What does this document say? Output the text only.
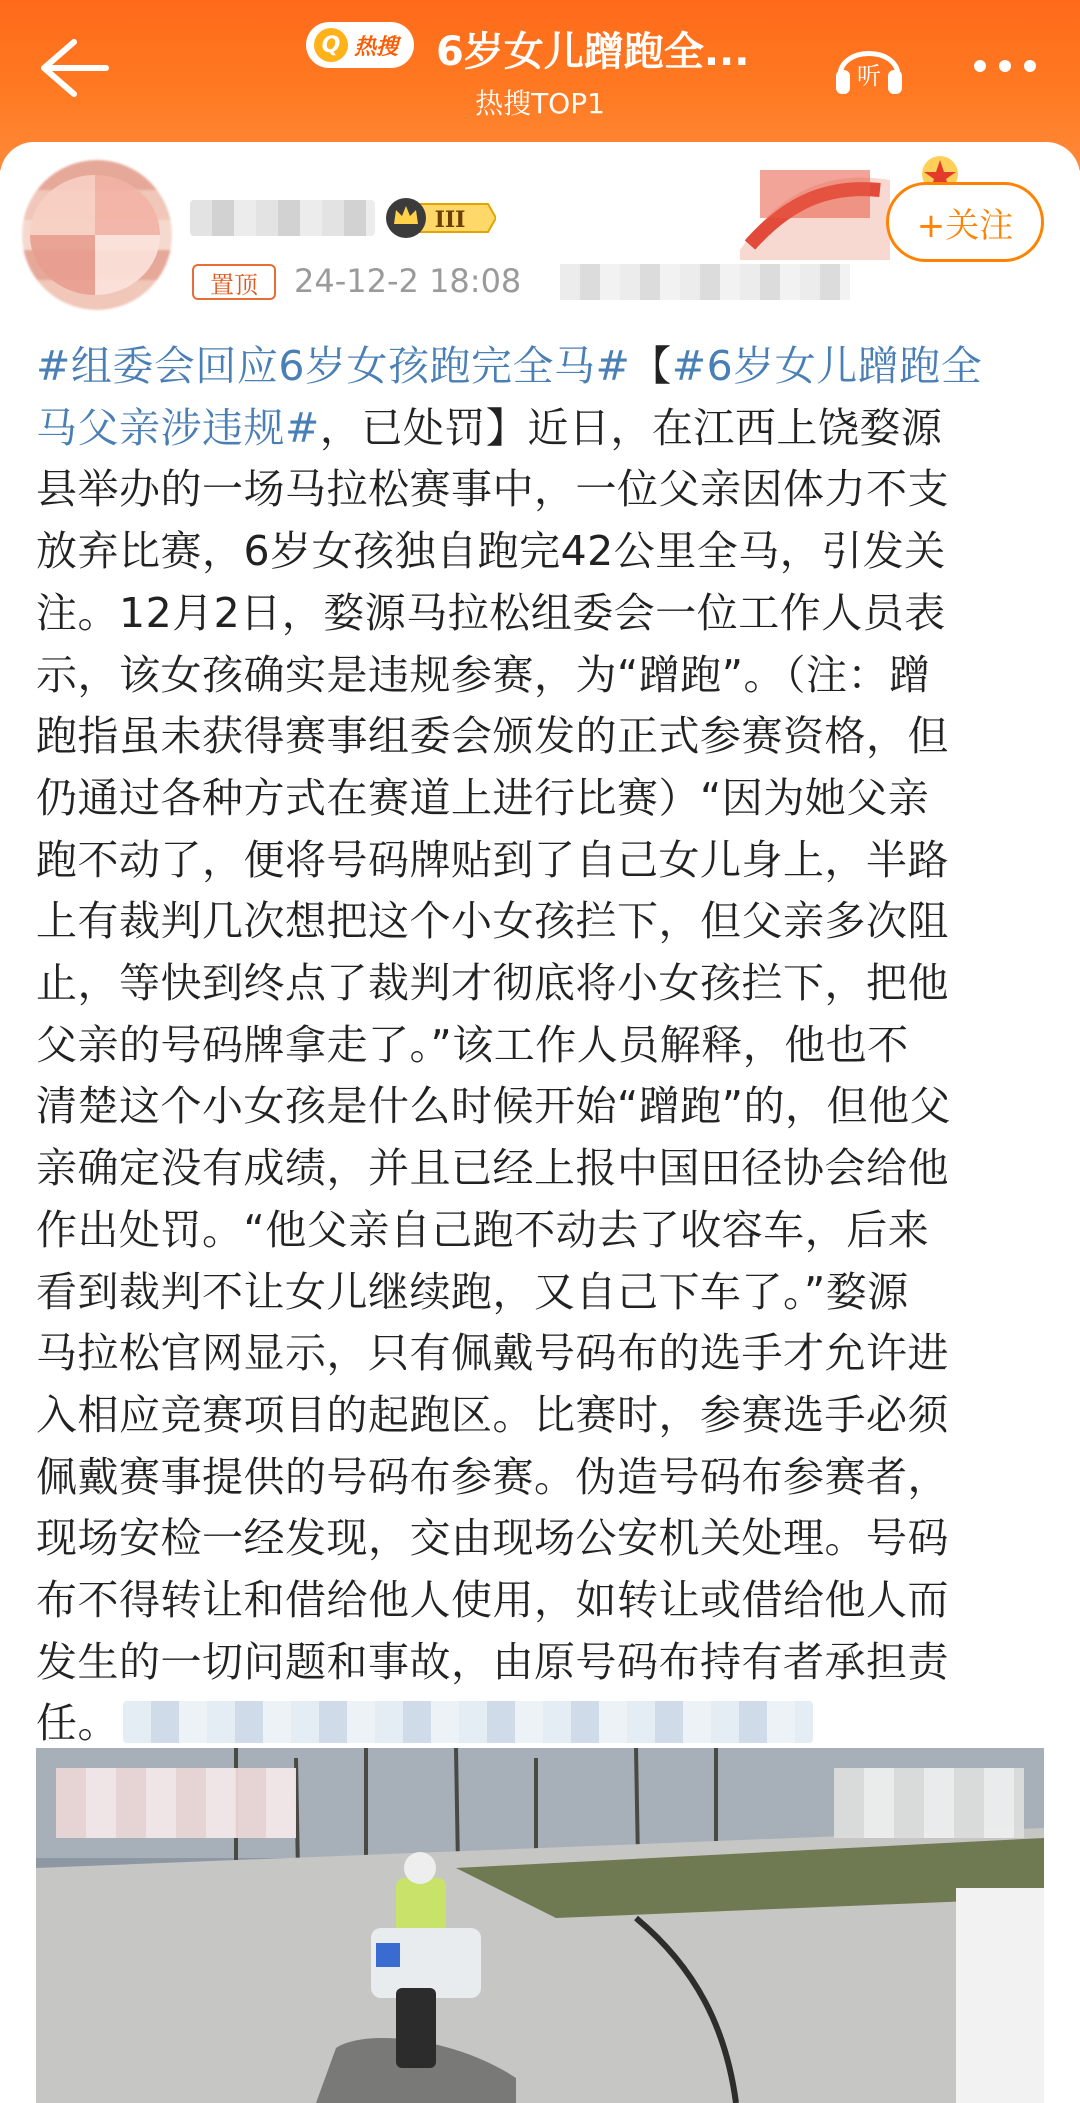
Q 热搜 6岁女儿蹭跑全...
热搜TOP1
听
III	+关注
置顶	24-12-2 18:08
#组委会回应6岁女孩跑完全马#【#6岁女儿蹭跑全
马父亲涉违规#，已处罚】近日，在江西上饶婺源
县举办的一场马拉松赛事中，一位父亲因体力不支
放弃比赛，6岁女孩独自跑完42公里全马，引发关
注。12月2日，婺源马拉松组委会一位工作人员表
示，该女孩确实是违规参赛，为“蹭跑”。（注：蹭
跑指虽未获得赛事组委会颁发的正式参赛资格，但
仍通过各种方式在赛道上进行比赛）“因为她父亲
跑不动了，便将号码牌贴到了自己女儿身上，半路
上有裁判几次想把这个小女孩拦下，但父亲多次阻
止，等快到终点了裁判才彻底将小女孩拦下，把他
父亲的号码牌拿走了。”该工作人员解释，他也不
清楚这个小女孩是什么时候开始“蹭跑”的，但他父
亲确定没有成绩，并且已经上报中国田径协会给他
作出处罚。“他父亲自己跑不动去了收容车，后来
看到裁判不让女儿继续跑，又自己下车了。”婺源
马拉松官网显示，只有佩戴号码布的选手才允许进
入相应竞赛项目的起跑区。比赛时，参赛选手必须
佩戴赛事提供的号码布参赛。伪造号码布参赛者，
现场安检一经发现，交由现场公安机关处理。号码
布不得转让和借给他人使用，如转让或借给他人而
发生的一切问题和事故，由原号码布持有者承担责
任。
